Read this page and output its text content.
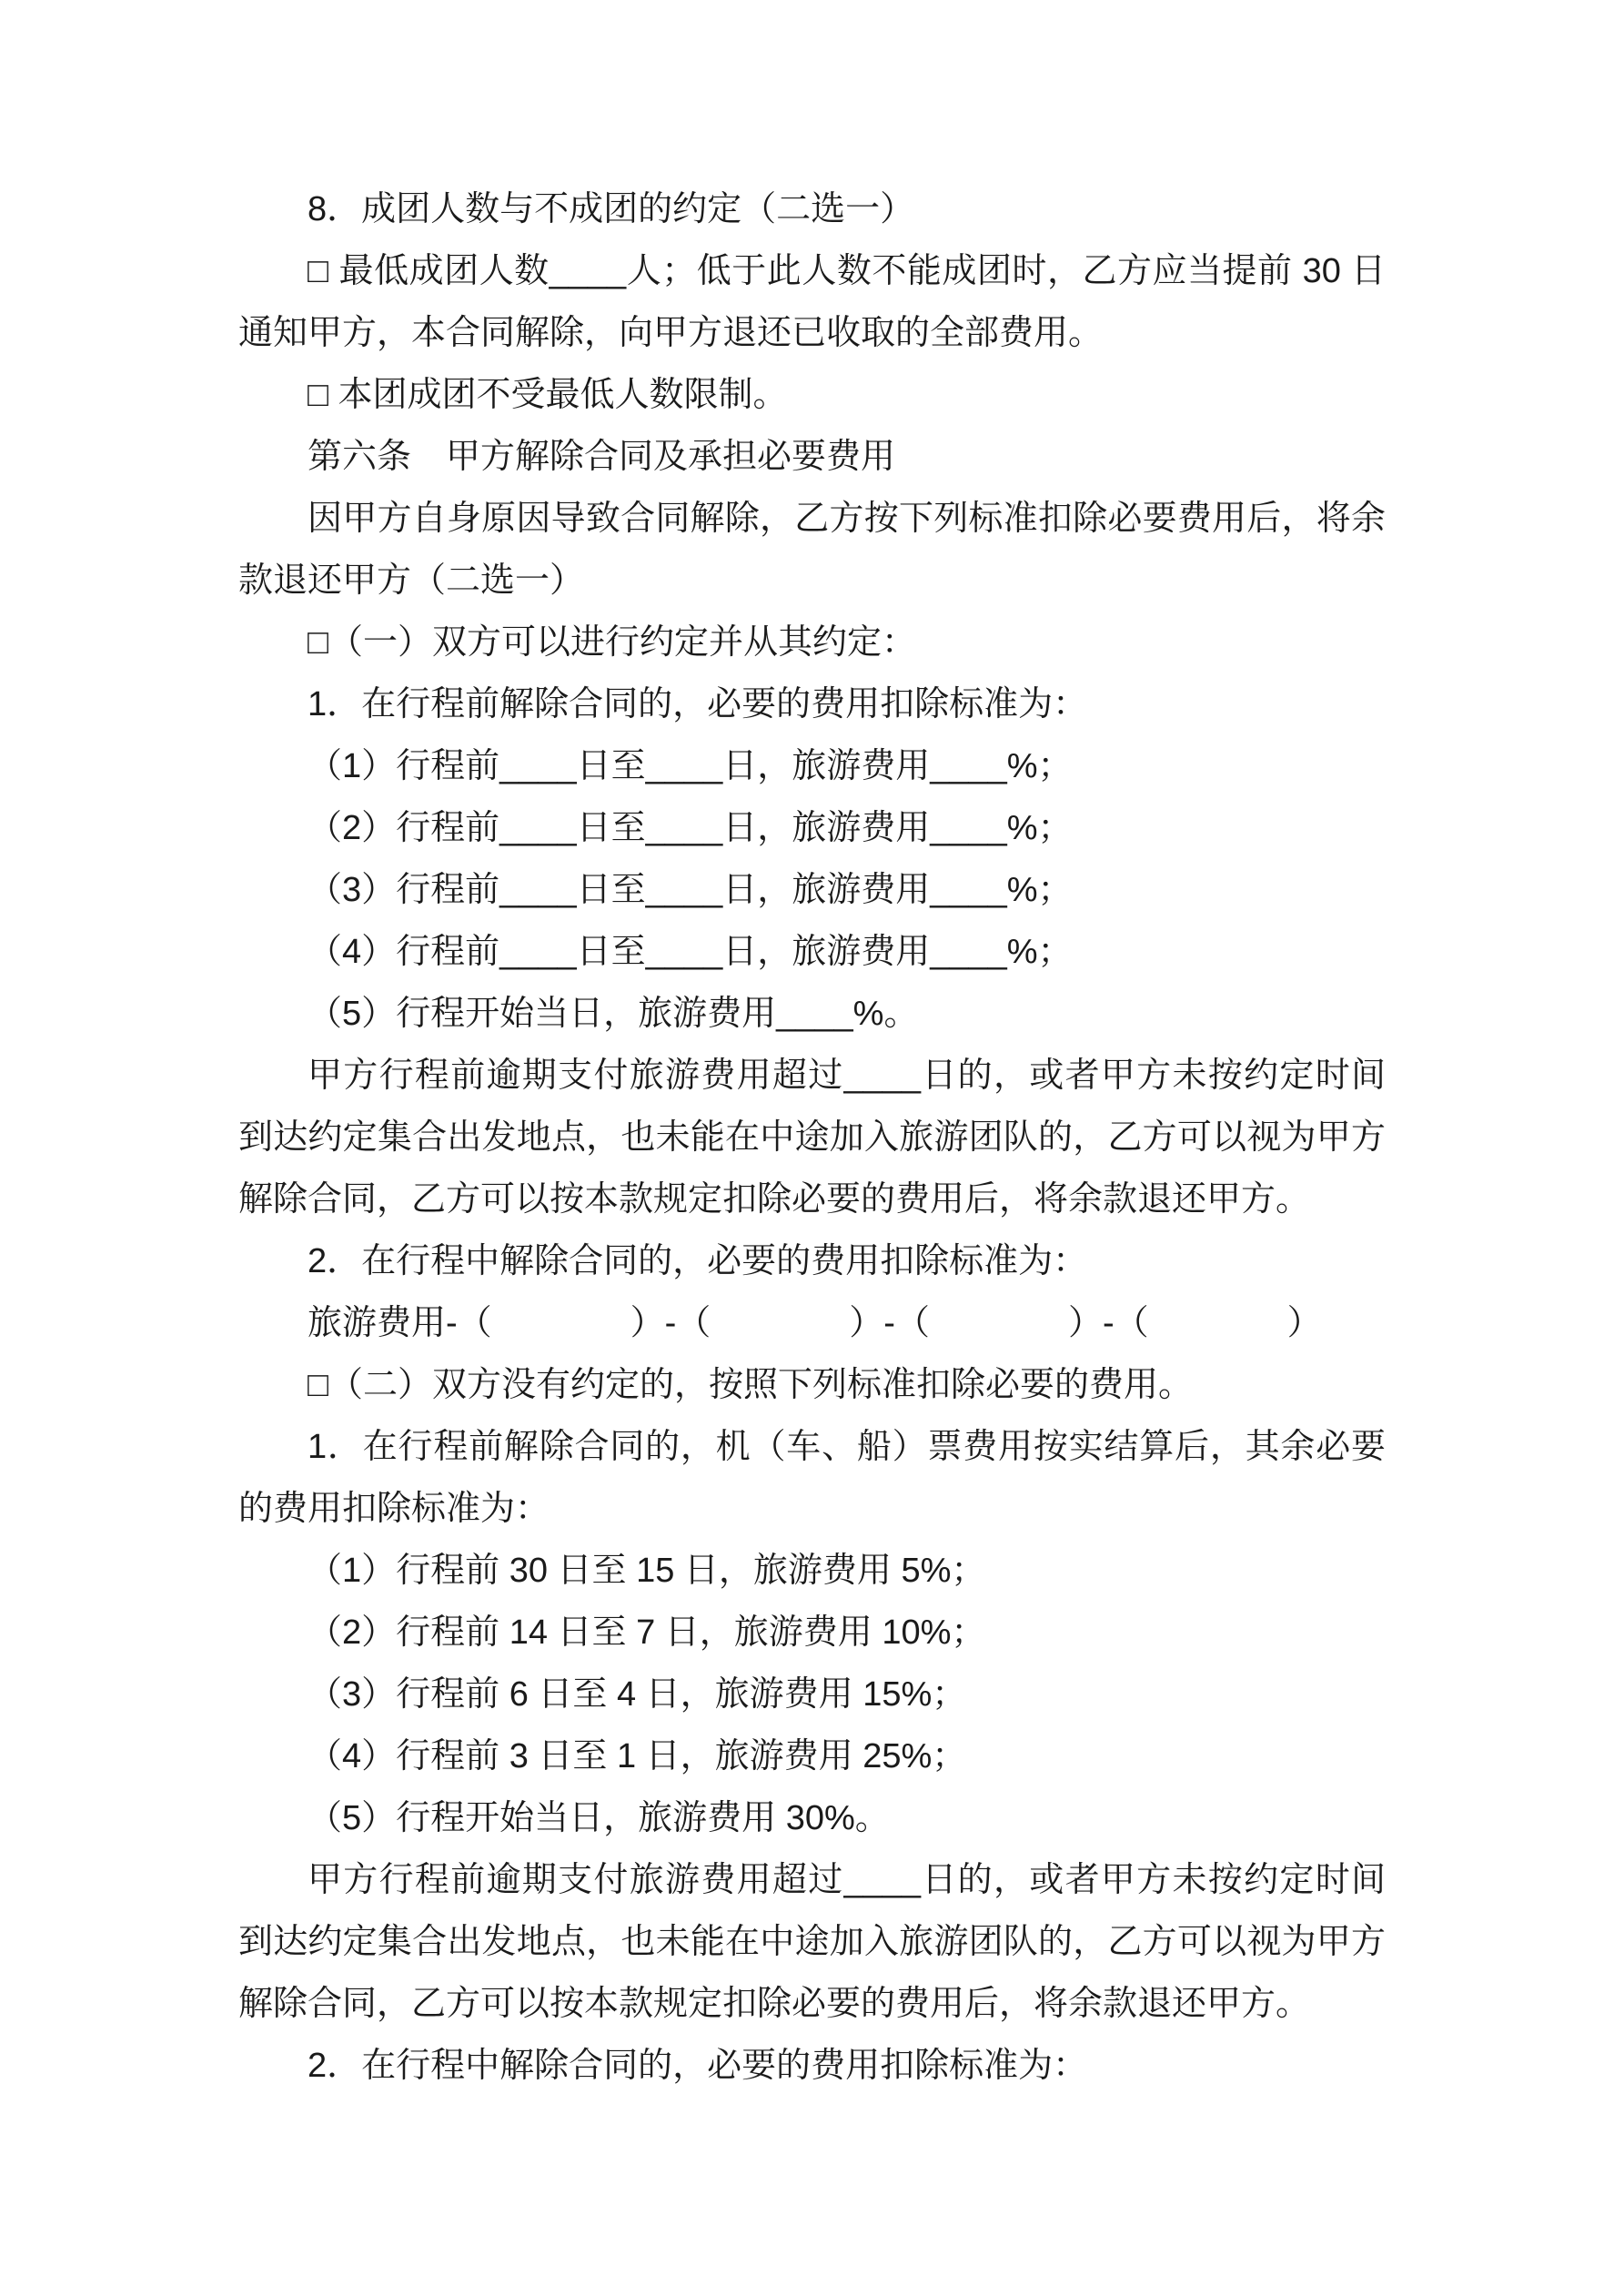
8．成团人数与不成团的约定（二选一）

□ 最低成团人数____人；低于此人数不能成团时，乙方应当提前 30 日通知甲方，本合同解除，向甲方退还已收取的全部费用。

□ 本团成团不受最低人数限制。

第六条　甲方解除合同及承担必要费用

因甲方自身原因导致合同解除，乙方按下列标准扣除必要费用后，将余款退还甲方（二选一）

□（一）双方可以进行约定并从其约定：

1．在行程前解除合同的，必要的费用扣除标准为：

（1）行程前____日至____日，旅游费用____%；

（2）行程前____日至____日，旅游费用____%；

（3）行程前____日至____日，旅游费用____%；

（4）行程前____日至____日，旅游费用____%；

（5）行程开始当日，旅游费用____%。

甲方行程前逾期支付旅游费用超过____日的，或者甲方未按约定时间到达约定集合出发地点，也未能在中途加入旅游团队的，乙方可以视为甲方解除合同，乙方可以按本款规定扣除必要的费用后，将余款退还甲方。

2．在行程中解除合同的，必要的费用扣除标准为：

旅游费用-（　　　　）-（　　　　）-（　　　　）-（　　　　）

□（二）双方没有约定的，按照下列标准扣除必要的费用。

1．在行程前解除合同的，机（车、船）票费用按实结算后，其余必要的费用扣除标准为：

（1）行程前 30 日至 15 日，旅游费用 5%；

（2）行程前 14 日至 7 日，旅游费用 10%；

（3）行程前 6 日至 4 日，旅游费用 15%；

（4）行程前 3 日至 1 日，旅游费用 25%；

（5）行程开始当日，旅游费用 30%。

甲方行程前逾期支付旅游费用超过____日的，或者甲方未按约定时间到达约定集合出发地点，也未能在中途加入旅游团队的，乙方可以视为甲方解除合同，乙方可以按本款规定扣除必要的费用后，将余款退还甲方。

2．在行程中解除合同的，必要的费用扣除标准为：
